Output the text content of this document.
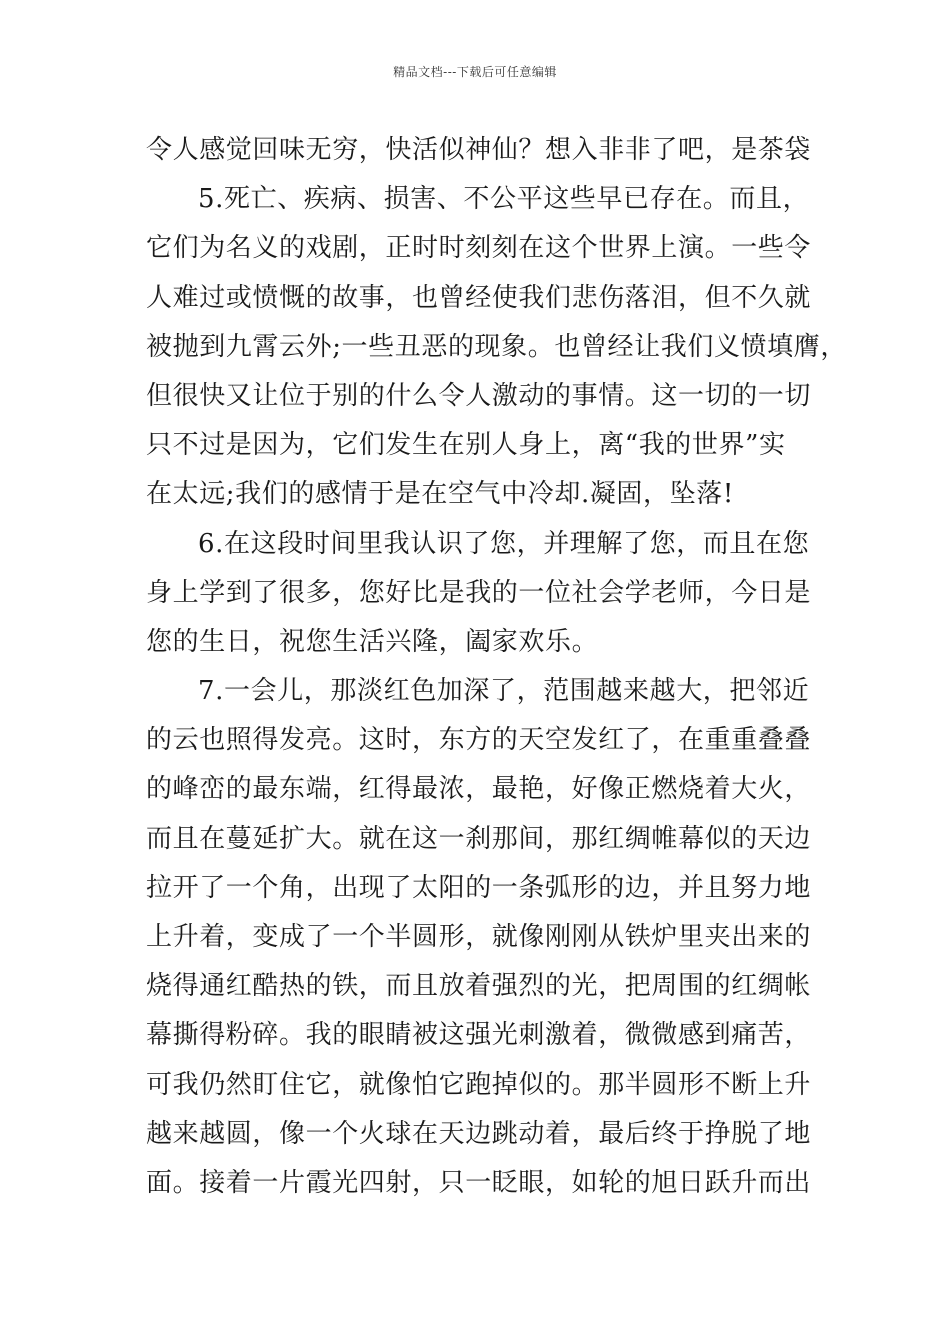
精品文档---下载后可任意编辑
令人感觉回味无穷，快活似神仙？想入非非了吧，是茶袋
5.死亡、疾病、损害、不公平这些早已存在。而且，
它们为名义的戏剧，正时时刻刻在这个世界上演。一些令
人难过或愤慨的故事，也曾经使我们悲伤落泪，但不久就
被抛到九霄云外;一些丑恶的现象。也曾经让我们义愤填膺，
但很快又让位于别的什么令人激动的事情。这一切的一切
只不过是因为，它们发生在别人身上，离“我的世界”实
在太远;我们的感情于是在空气中冷却.凝固，坠落!
6.在这段时间里我认识了您，并理解了您，而且在您
身上学到了很多，您好比是我的一位社会学老师，今日是
您的生日，祝您生活兴隆，阖家欢乐。
7.一会儿，那淡红色加深了，范围越来越大，把邻近
的云也照得发亮。这时，东方的天空发红了，在重重叠叠
的峰峦的最东端，红得最浓，最艳，好像正燃烧着大火，
而且在蔓延扩大。就在这一刹那间，那红绸帷幕似的天边
拉开了一个角，出现了太阳的一条弧形的边，并且努力地
上升着，变成了一个半圆形，就像刚刚从铁炉里夹出来的
烧得通红酷热的铁，而且放着强烈的光，把周围的红绸帐
幕撕得粉碎。我的眼睛被这强光刺激着，微微感到痛苦，
可我仍然盯住它，就像怕它跑掉似的。那半圆形不断上升
越来越圆，像一个火球在天边跳动着，最后终于挣脱了地
面。接着一片霞光四射，只一眨眼，如轮的旭日跃升而出
